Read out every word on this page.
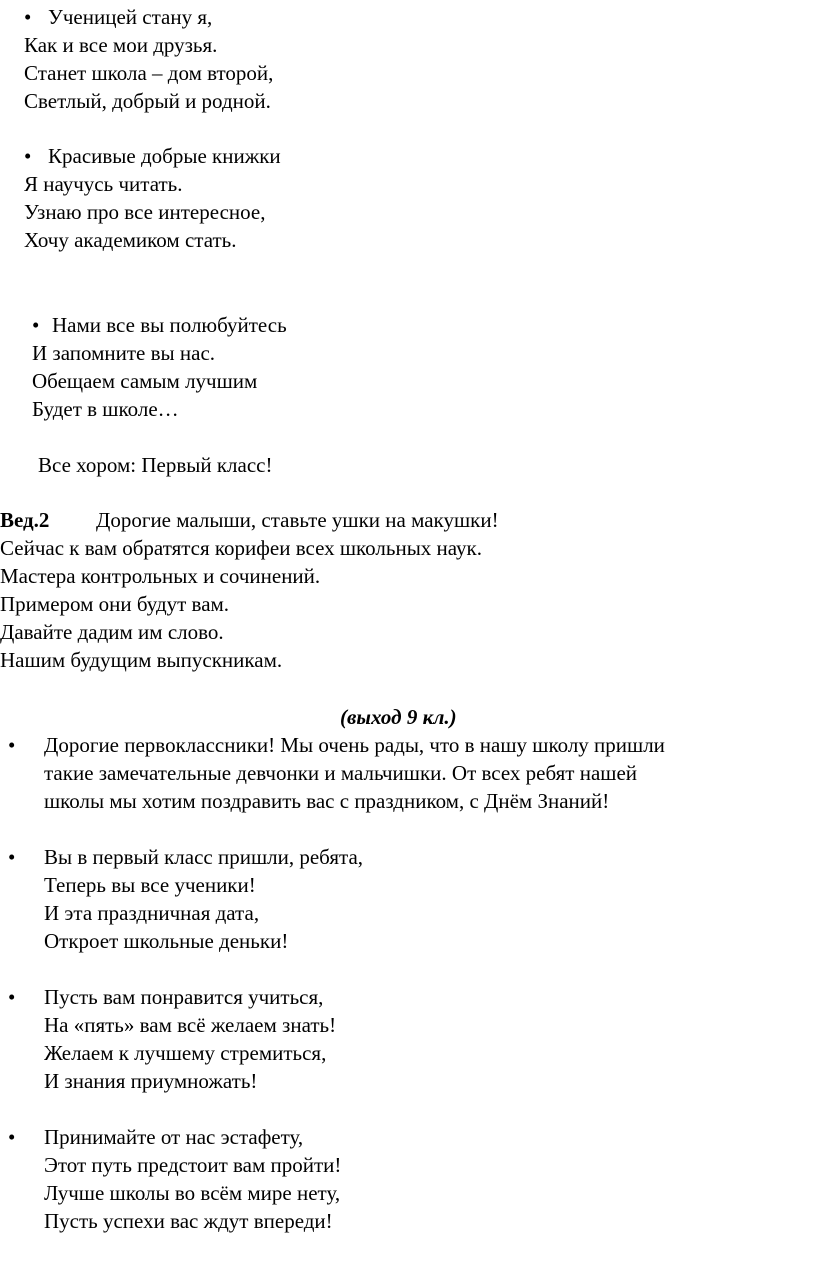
• Ученицей стану я,
Как и все мои друзья.
Станет школа – дом второй,
Светлый, добрый и родной.
• Красивые добрые книжки
Я научусь читать.
Узнаю про все интересное,
Хочу академиком стать.
• Нами все вы полюбуйтесь
И запомните вы нас.
Обещаем самым лучшим
Будет в школе…
Все хором: Первый класс!
Вед.2 Дорогие малыши, ставьте ушки на макушки!
Сейчас к вам обратятся корифеи всех школьных наук.
Мастера контрольных и сочинений.
Примером они будут вам.
Давайте дадим им слово.
Нашим будущим выпускникам.
(выход 9 кл.)
• Дорогие первоклассники! Мы очень рады, что в нашу школу пришли
такие замечательные девчонки и мальчишки. От всех ребят нашей
школы мы хотим поздравить вас с праздником, с Днём Знаний!
• Вы в первый класс пришли, ребята,
Теперь вы все ученики!
И эта праздничная дата,
Откроет школьные деньки!
• Пусть вам понравится учиться,
На «пять» вам всё желаем знать!
Желаем к лучшему стремиться,
И знания приумножать!
• Принимайте от нас эстафету,
Этот путь предстоит вам пройти!
Лучше школы во всём мире нету,
Пусть успехи вас ждут впереди!
